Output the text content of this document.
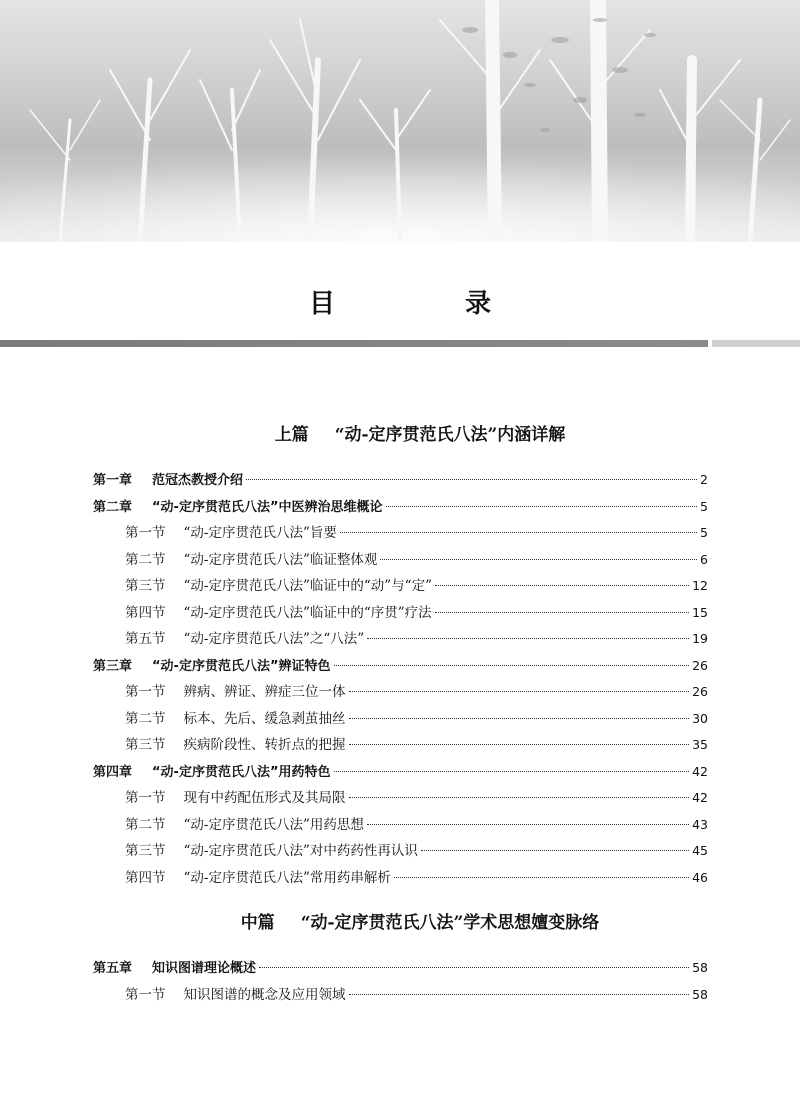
目　录
上篇 “动-定序贯范氏八法”内涵详解
第一章 范冠杰教授介绍	2
第二章 “动-定序贯范氏八法”中医辨治思维概论	5
第一节 “动-定序贯范氏八法”旨要	5
第二节 “动-定序贯范氏八法”临证整体观	6
第三节 “动-定序贯范氏八法”临证中的“动”与“定”	12
第四节 “动-定序贯范氏八法”临证中的“序贯”疗法	15
第五节 “动-定序贯范氏八法”之“八法”	19
第三章 “动-定序贯范氏八法”辨证特色	26
第一节 辨病、辨证、辨症三位一体	26
第二节 标本、先后、缓急剥茧抽丝	30
第三节 疾病阶段性、转折点的把握	35
第四章 “动-定序贯范氏八法”用药特色	42
第一节 现有中药配伍形式及其局限	42
第二节 “动-定序贯范氏八法”用药思想	43
第三节 “动-定序贯范氏八法”对中药药性再认识	45
第四节 “动-定序贯范氏八法”常用药串解析	46
中篇 “动-定序贯范氏八法”学术思想嬗变脉络
第五章 知识图谱理论概述	58
第一节 知识图谱的概念及应用领域	58
